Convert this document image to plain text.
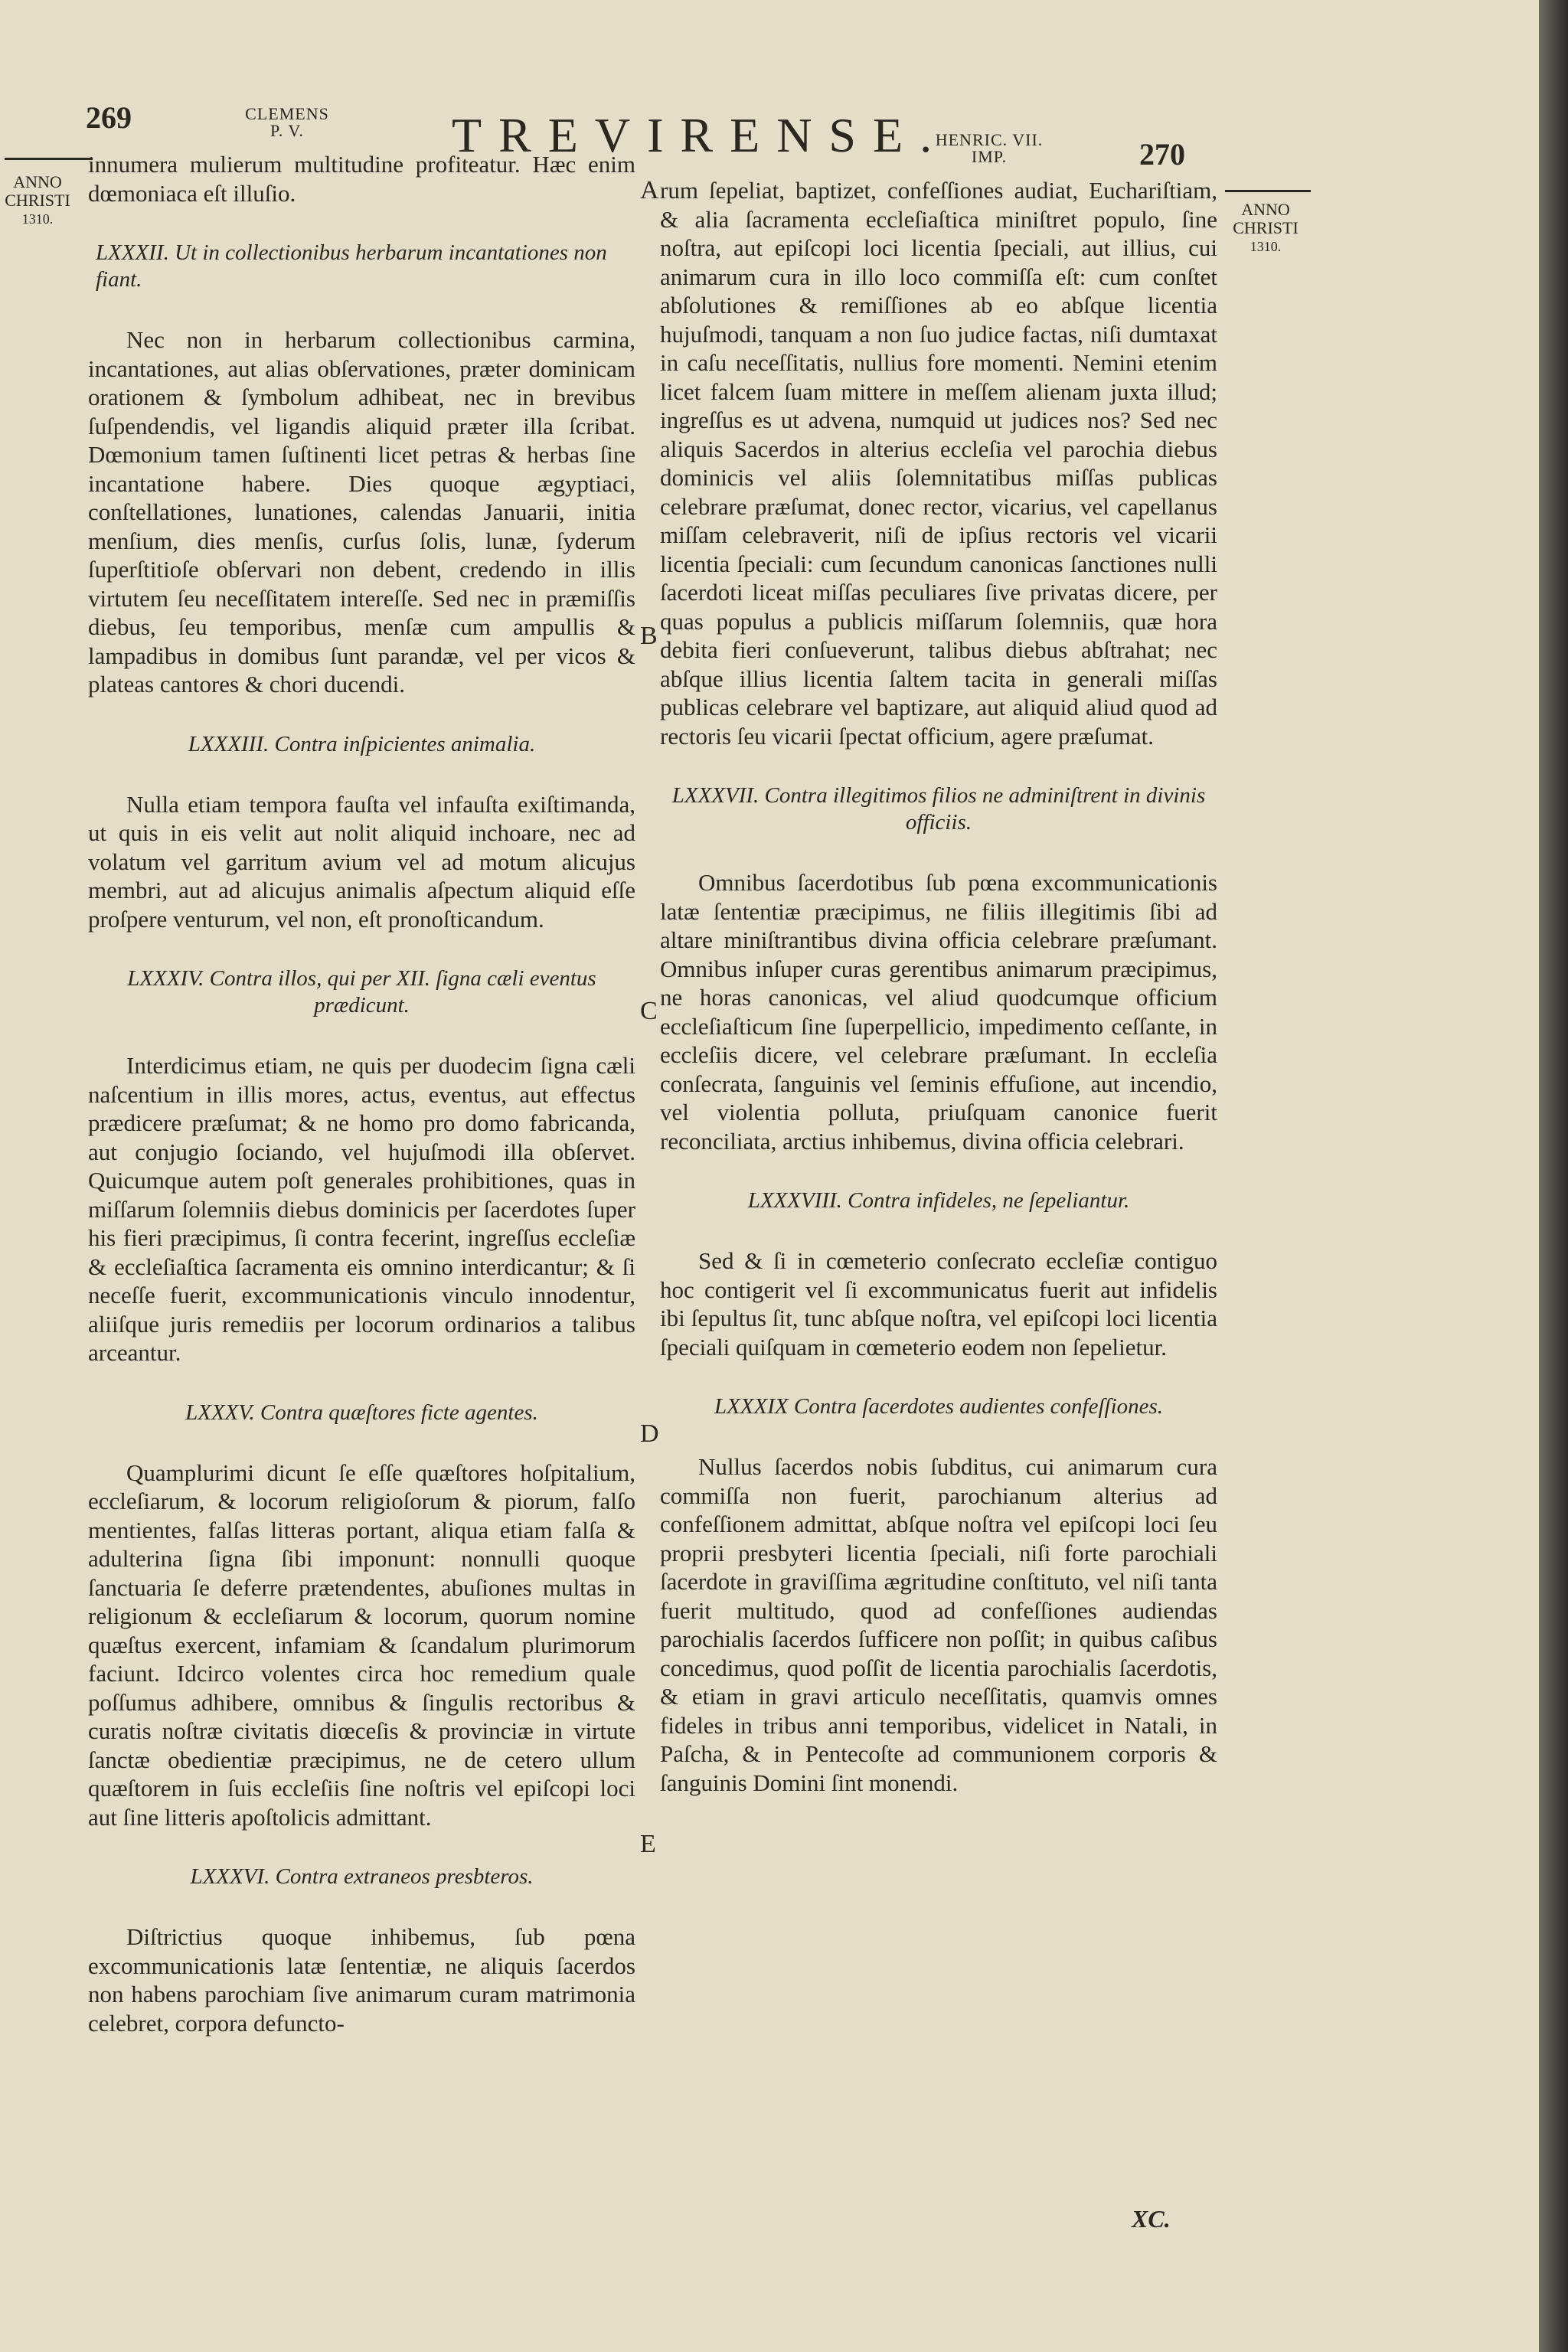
269	CLEMENS
P. V.	TREVIRENSE.
HENRIC. VII.
IMP.	270
ANNO
CHRISTI
1310.	ANNO
CHRISTI
1310.
A
B
C
D
E

innumera mulierum multitudine profiteatur. Hæc enim dœmoniaca eſt illuſio.

LXXXII. Ut in collectionibus herbarum incantationes non fiant.

Nec non in herbarum collectionibus carmina, incantationes, aut alias obſervationes, præter dominicam orationem & ſymbolum adhibeat, nec in brevibus ſuſpendendis, vel ligandis aliquid præter illa ſcribat. Dœmonium tamen ſuſtinenti licet petras & herbas ſine incantatione habere. Dies quoque ægyptiaci, conſtellationes, lunationes, calendas Januarii, initia menſium, dies menſis, curſus ſolis, lunæ, ſyderum ſuperſtitioſe obſervari non debent, credendo in illis virtutem ſeu neceſſitatem intereſſe. Sed nec in præmiſſis diebus, ſeu temporibus, menſæ cum ampullis & lampadibus in domibus ſunt parandæ, vel per vicos & plateas cantores & chori ducendi.

LXXXIII. Contra inſpicientes animalia.

Nulla etiam tempora fauſta vel infauſta exiſtimanda, ut quis in eis velit aut nolit aliquid inchoare, nec ad volatum vel garritum avium vel ad motum alicujus membri, aut ad alicujus animalis aſpectum aliquid eſſe proſpere venturum, vel non, eſt pronoſticandum.

LXXXIV. Contra illos, qui per XII. ſigna cæli eventus prædicunt.

Interdicimus etiam, ne quis per duodecim ſigna cæli naſcentium in illis mores, actus, eventus, aut effectus prædicere præſumat; & ne homo pro domo fabricanda, aut conjugio ſociando, vel hujuſmodi illa obſervet. Quicumque autem poſt generales prohibitiones, quas in miſſarum ſolemniis diebus dominicis per ſacerdotes ſuper his fieri præcipimus, ſi contra fecerint, ingreſſus eccleſiæ & eccleſiaſtica ſacramenta eis omnino interdicantur; & ſi neceſſe fuerit, excommunicationis vinculo innodentur, aliiſque juris remediis per locorum ordinarios a talibus arceantur.

LXXXV. Contra quæſtores ficte agentes.

Quamplurimi dicunt ſe eſſe quæſtores hoſpitalium, eccleſiarum, & locorum religioſorum & piorum, falſo mentientes, falſas litteras portant, aliqua etiam falſa & adulterina ſigna ſibi imponunt: nonnulli quoque ſanctuaria ſe deferre prætendentes, abuſiones multas in religionum & eccleſiarum & locorum, quorum nomine quæſtus exercent, infamiam & ſcandalum plurimorum faciunt. Idcirco volentes circa hoc remedium quale poſſumus adhibere, omnibus & ſingulis rectoribus & curatis noſtræ civitatis diœceſis & provinciæ in virtute ſanctæ obedientiæ præcipimus, ne de cetero ullum quæſtorem in ſuis eccleſiis ſine noſtris vel epiſcopi loci aut ſine litteris apoſtolicis admittant.

LXXXVI. Contra extraneos presbteros.

Diſtrictius quoque inhibemus, ſub pœna excommunicationis latæ ſententiæ, ne aliquis ſacerdos non habens parochiam ſive animarum curam matrimonia celebret, corpora defuncto-

rum ſepeliat, baptizet, confeſſiones audiat, Euchariſtiam, & alia ſacramenta eccleſiaſtica miniſtret populo, ſine noſtra, aut epiſcopi loci licentia ſpeciali, aut illius, cui animarum cura in illo loco commiſſa eſt: cum conſtet abſolutiones & remiſſiones ab eo abſque licentia hujuſmodi, tanquam a non ſuo judice factas, niſi dumtaxat in caſu neceſſitatis, nullius fore momenti. Nemini etenim licet falcem ſuam mittere in meſſem alienam juxta illud; ingreſſus es ut advena, numquid ut judices nos? Sed nec aliquis Sacerdos in alterius eccleſia vel parochia diebus dominicis vel aliis ſolemnitatibus miſſas publicas celebrare præſumat, donec rector, vicarius, vel capellanus miſſam celebraverit, niſi de ipſius rectoris vel vicarii licentia ſpeciali: cum ſecundum canonicas ſanctiones nulli ſacerdoti liceat miſſas peculiares ſive privatas dicere, per quas populus a publicis miſſarum ſolemniis, quæ hora debita fieri conſueverunt, talibus diebus abſtrahat; nec abſque illius licentia ſaltem tacita in generali miſſas publicas celebrare vel baptizare, aut aliquid aliud quod ad rectoris ſeu vicarii ſpectat officium, agere præſumat.

LXXXVII. Contra illegitimos filios ne adminiſtrent in divinis officiis.

Omnibus ſacerdotibus ſub pœna excommunicationis latæ ſententiæ præcipimus, ne filiis illegitimis ſibi ad altare miniſtrantibus divina officia celebrare præſumant. Omnibus inſuper curas gerentibus animarum præcipimus, ne horas canonicas, vel aliud quodcumque officium eccleſiaſticum ſine ſuperpellicio, impedimento ceſſante, in eccleſiis dicere, vel celebrare præſumant. In eccleſia conſecrata, ſanguinis vel ſeminis effuſione, aut incendio, vel violentia polluta, priuſquam canonice fuerit reconciliata, arctius inhibemus, divina officia celebrari.

LXXXVIII. Contra infideles, ne ſepeliantur.

Sed & ſi in cœmeterio conſecrato eccleſiæ contiguo hoc contigerit vel ſi excommunicatus fuerit aut infidelis ibi ſepultus ſit, tunc abſque noſtra, vel epiſcopi loci licentia ſpeciali quiſquam in cœmeterio eodem non ſepelietur.

LXXXIX Contra ſacerdotes audientes confeſſiones.

Nullus ſacerdos nobis ſubditus, cui animarum cura commiſſa non fuerit, parochianum alterius ad confeſſionem admittat, abſque noſtra vel epiſcopi loci ſeu proprii presbyteri licentia ſpeciali, niſi forte parochiali ſacerdote in graviſſima ægritudine conſtituto, vel niſi tanta fuerit multitudo, quod ad confeſſiones audiendas parochialis ſacerdos ſufficere non poſſit; in quibus caſibus concedimus, quod poſſit de licentia parochialis ſacerdotis, & etiam in gravi articulo neceſſitatis, quamvis omnes fideles in tribus anni temporibus, videlicet in Natali, in Paſcha, & in Pentecoſte ad communionem corporis & ſanguinis Domini ſint monendi.

XC.
